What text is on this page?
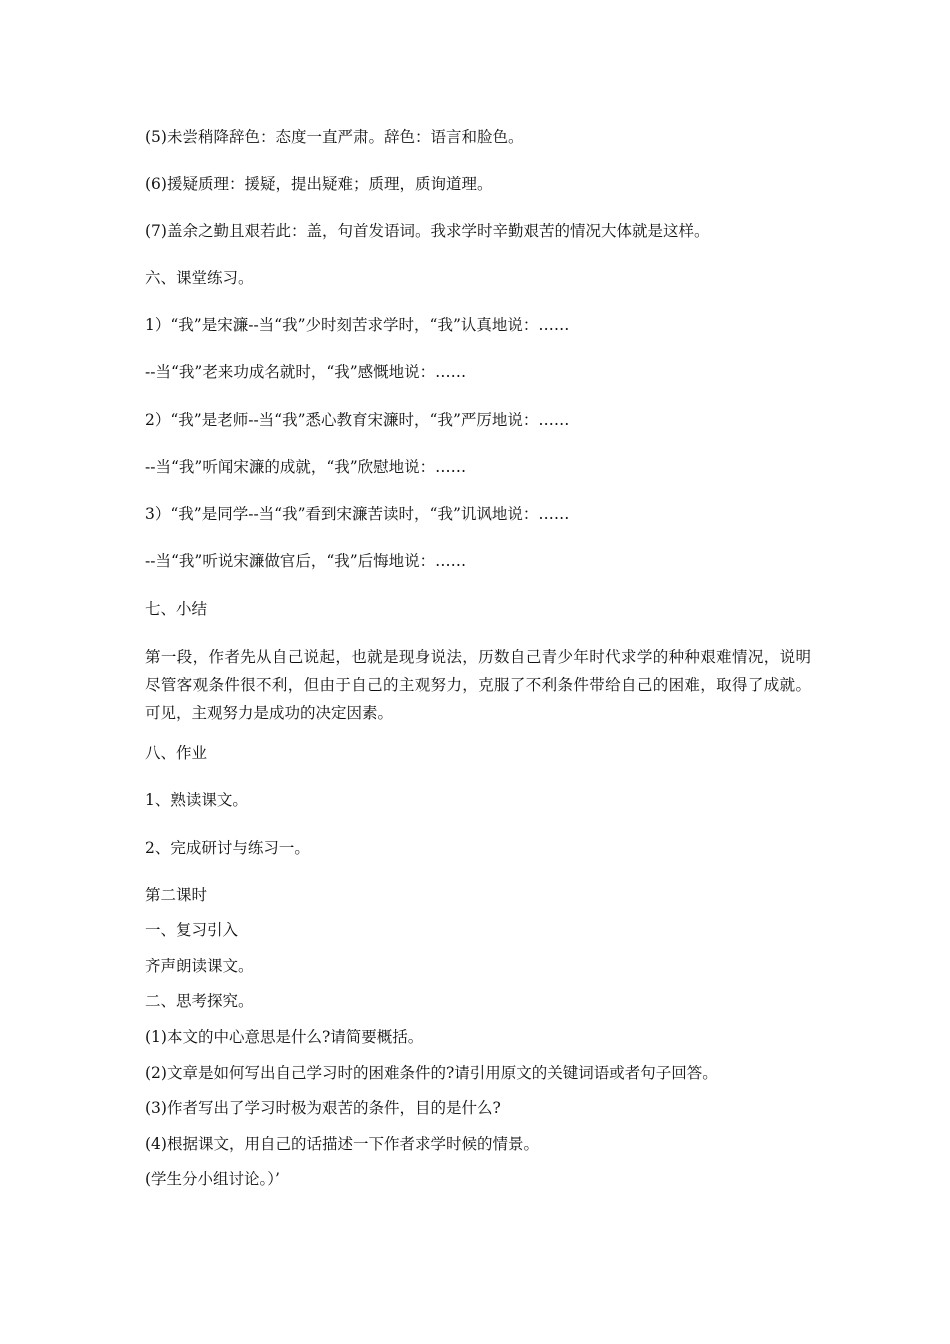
(5)未尝稍降辞色：态度一直严肃。辞色：语言和脸色。
(6)援疑质理：援疑，提出疑难；质理，质询道理。
(7)盖余之勤且艰若此：盖，句首发语词。我求学时辛勤艰苦的情况大体就是这样。
六、课堂练习。
1）“我”是宋濂--当“我”少时刻苦求学时，“我”认真地说：……
--当“我”老来功成名就时，“我”感慨地说：……
2）“我”是老师--当“我”悉心教育宋濂时，“我”严厉地说：……
--当“我”听闻宋濂的成就，“我”欣慰地说：……
3）“我”是同学--当“我”看到宋濂苦读时，“我”讥讽地说：……
--当“我”听说宋濂做官后，“我”后悔地说：……
七、小结
第一段，作者先从自己说起，也就是现身说法，历数自己青少年时代求学的种种艰难情况，说明尽管客观条件很不利，但由于自己的主观努力，克服了不利条件带给自己的困难，取得了成就。可见，主观努力是成功的决定因素。
八、作业
1、熟读课文。
2、完成研讨与练习一。
第二课时
一、复习引入
齐声朗读课文。
二、思考探究。
(1)本文的中心意思是什么?请简要概括。
(2)文章是如何写出自己学习时的困难条件的?请引用原文的关键词语或者句子回答。
(3)作者写出了学习时极为艰苦的条件，目的是什么?
(4)根据课文，用自己的话描述一下作者求学时候的情景。
(学生分小组讨论。）’
